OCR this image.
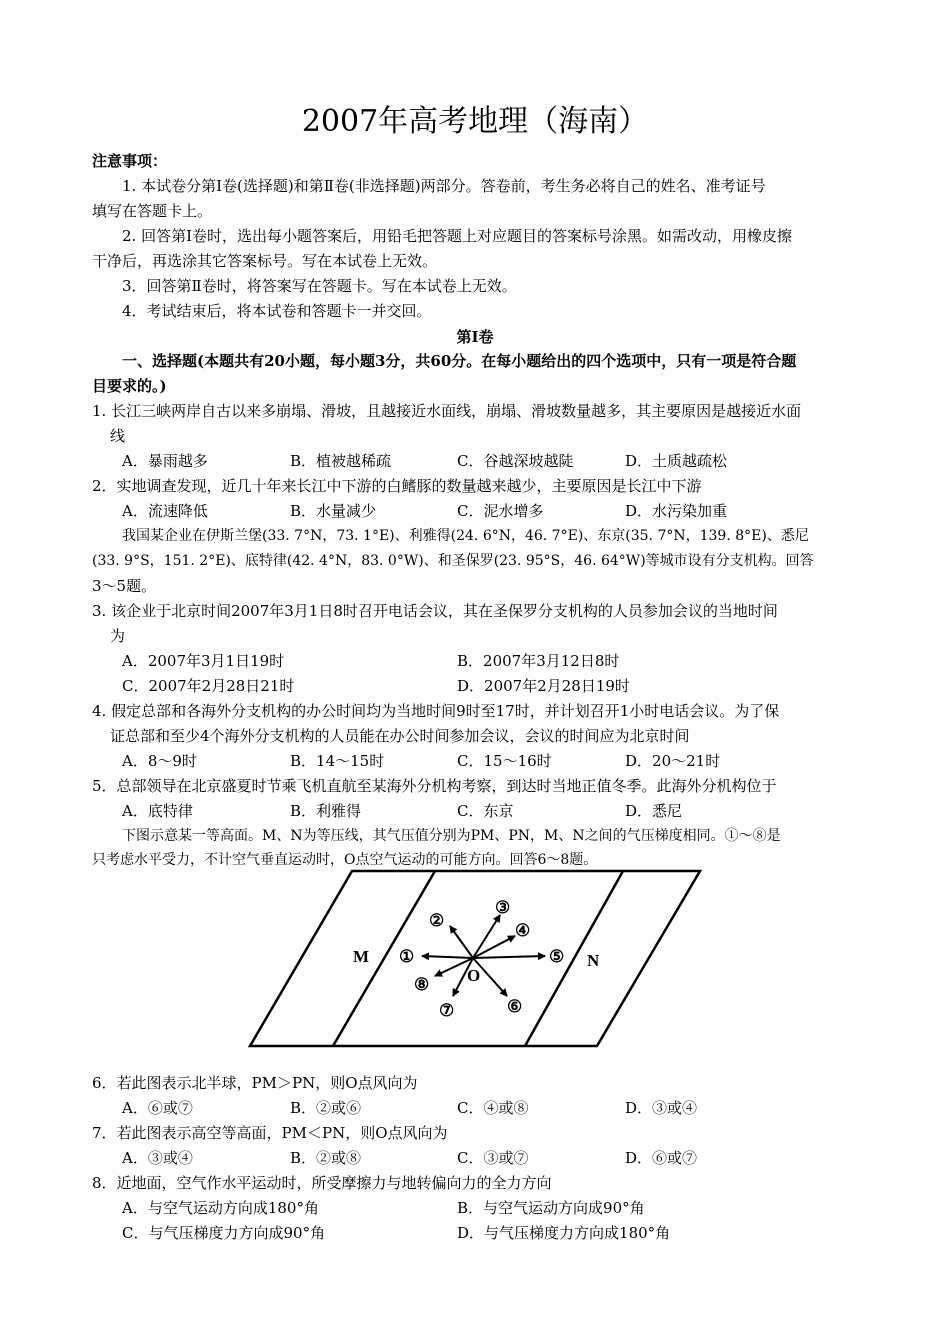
2007年高考地理（海南）
注意事项：
1. 本试卷分第Ⅰ卷(选择题)和第Ⅱ卷(非选择题)两部分。答卷前，考生务必将自己的姓名、准考证号
填写在答题卡上。
2. 回答第Ⅰ卷时，选出每小题答案后，用铅毛把答题上对应题目的答案标号涂黑。如需改动，用橡皮擦
干净后，再选涂其它答案标号。写在本试卷上无效。
3．回答第Ⅱ卷时，将答案写在答题卡。写在本试卷上无效。
4．考试结束后，将本试卷和答题卡一并交回。
第Ⅰ卷
一、选择题(本题共有20小题，每小题3分，共60分。在每小题给出的四个选项中，只有一项是符合题
目要求的。)
1. 长江三峡两岸自古以来多崩塌、滑坡，且越接近水面线，崩塌、滑坡数量越多，其主要原因是越接近水面
线
A．暴雨越多	B．植被越稀疏	C．谷越深坡越陡	D．土质越疏松
2．实地调查发现，近几十年来长江中下游的白鳍豚的数量越来越少，主要原因是长江中下游
A．流速降低	B．水量减少	C．泥水增多	D．水污染加重
我国某企业在伊斯兰堡(33. 7°N，73. 1°E)、利雅得(24. 6°N，46. 7°E)、东京(35. 7°N，139. 8°E)、悉尼
(33. 9°S，151. 2°E)、底特律(42. 4°N，83. 0°W)、和圣保罗(23. 95°S，46. 64°W)等城市设有分支机构。回答
3～5题。
3. 该企业于北京时间2007年3月1日8时召开电话会议，其在圣保罗分支机构的人员参加会议的当地时间
为
A．2007年3月1日19时	B．2007年3月12日8时
C．2007年2月28日21时	D．2007年2月28日19时
4. 假定总部和各海外分支机构的办公时间均为当地时间9时至17时，并计划召开1小时电话会议。为了保
证总部和至少4个海外分支机构的人员能在办公时间参加会议，会议的时间应为北京时间
A．8～9时	B．14～15时	C．15～16时	D．20～21时
5．总部领导在北京盛夏时节乘飞机直航至某海外分机构考察，到达时当地正值冬季。此海外分机构位于
A．底特律	B．利雅得	C．东京	D．悉尼
下图示意某一等高面。M、N为等压线，其气压值分别为PM、PN，M、N之间的气压梯度相同。①～⑧是
只考虑水平受力，不计空气垂直运动时，O点空气运动的可能方向。回答6～8题。
M	N
O
①
②
③
④
⑤
⑥
⑦
⑧
6．若此图表示北半球，PM＞PN，则O点风向为
A．⑥或⑦	B．②或⑥	C．④或⑧	D．③或④
7．若此图表示高空等高面，PM＜PN，则O点风向为
A．③或④	B．②或⑧	C．③或⑦	D．⑥或⑦
8．近地面，空气作水平运动时，所受摩擦力与地转偏向力的全力方向
A．与空气运动方向成180°角	B．与空气运动方向成90°角
C．与气压梯度力方向成90°角	D．与气压梯度力方向成180°角
